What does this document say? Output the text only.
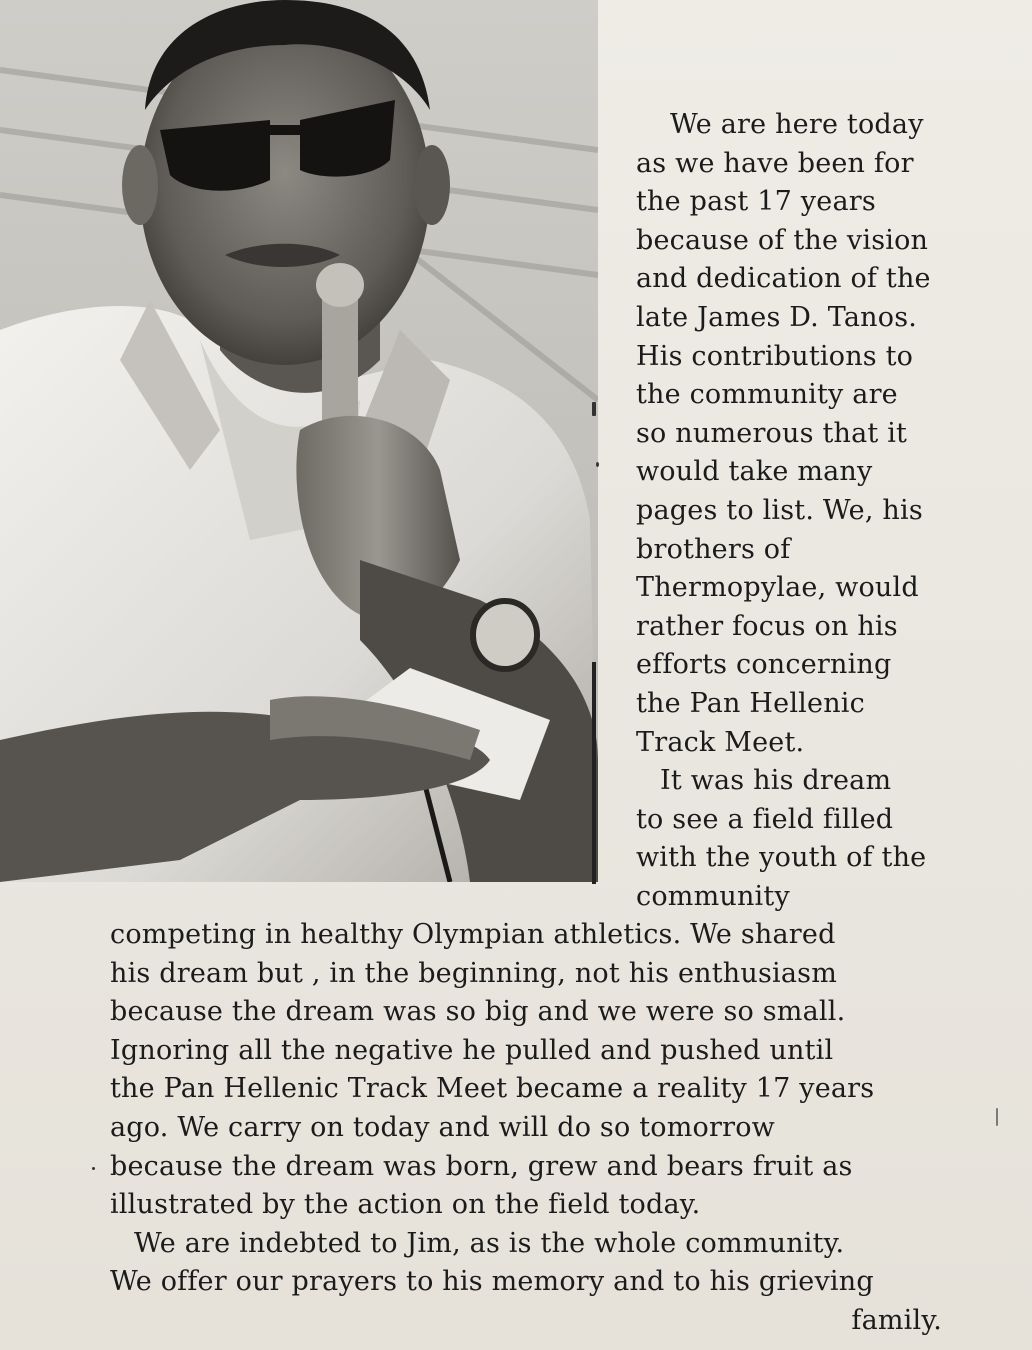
We are here today
as we have been for
the past 17 years
because of the vision
and dedication of the
late James D. Tanos.
His contributions to
the community are
so numerous that it
would take many
pages to list. We, his
brothers of
Thermopylae, would
rather focus on his
efforts concerning
the Pan Hellenic
Track Meet.
It was his dream
to see a field filled
with the youth of the
community
competing in healthy Olympian athletics. We shared
his dream but , in the beginning, not his enthusiasm
because the dream was so big and we were so small.
Ignoring all the negative he pulled and pushed until
the Pan Hellenic Track Meet became a reality 17 years
ago. We carry on today and will do so tomorrow
because the dream was born, grew and bears fruit as
illustrated by the action on the field today.
We are indebted to Jim, as is the whole community.
We offer our prayers to his memory and to his grieving
family.
